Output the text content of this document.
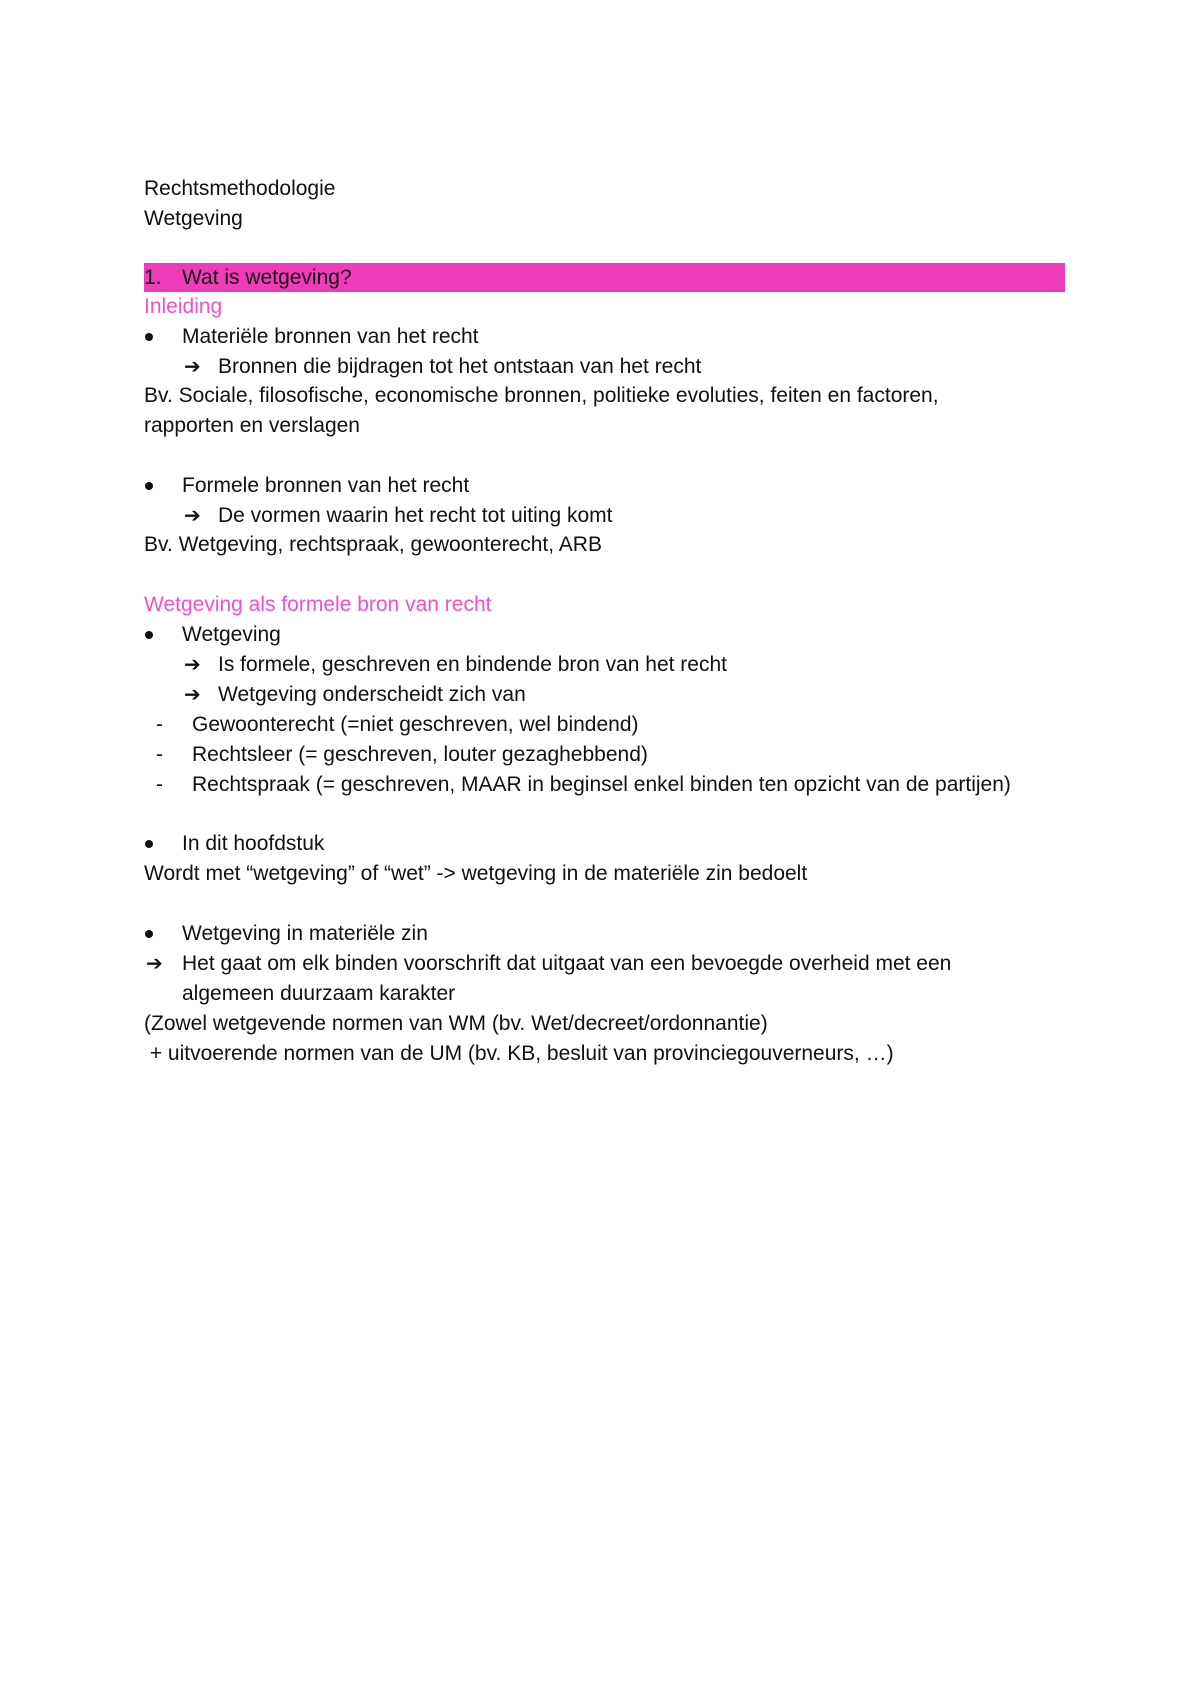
Rechtsmethodologie
Wetgeving
1. Wat is wetgeving?
Inleiding
Materiële bronnen van het recht
➔ Bronnen die bijdragen tot het ontstaan van het recht
Bv. Sociale, filosofische, economische bronnen, politieke evoluties, feiten en factoren,
rapporten en verslagen
Formele bronnen van het recht
➔ De vormen waarin het recht tot uiting komt
Bv. Wetgeving, rechtspraak, gewoonterecht, ARB
Wetgeving als formele bron van recht
Wetgeving
➔ Is formele, geschreven en bindende bron van het recht
➔ Wetgeving onderscheidt zich van
- Gewoonterecht (=niet geschreven, wel bindend)
- Rechtsleer (= geschreven, louter gezaghebbend)
- Rechtspraak (= geschreven, MAAR in beginsel enkel binden ten opzicht van de partijen)
In dit hoofdstuk
Wordt met “wetgeving” of “wet” -> wetgeving in de materiële zin bedoelt
Wetgeving in materiële zin
➔ Het gaat om elk binden voorschrift dat uitgaat van een bevoegde overheid met een
algemeen duurzaam karakter
(Zowel wetgevende normen van WM (bv. Wet/decreet/ordonnantie)
+ uitvoerende normen van de UM (bv. KB, besluit van provinciegouverneurs, …)
